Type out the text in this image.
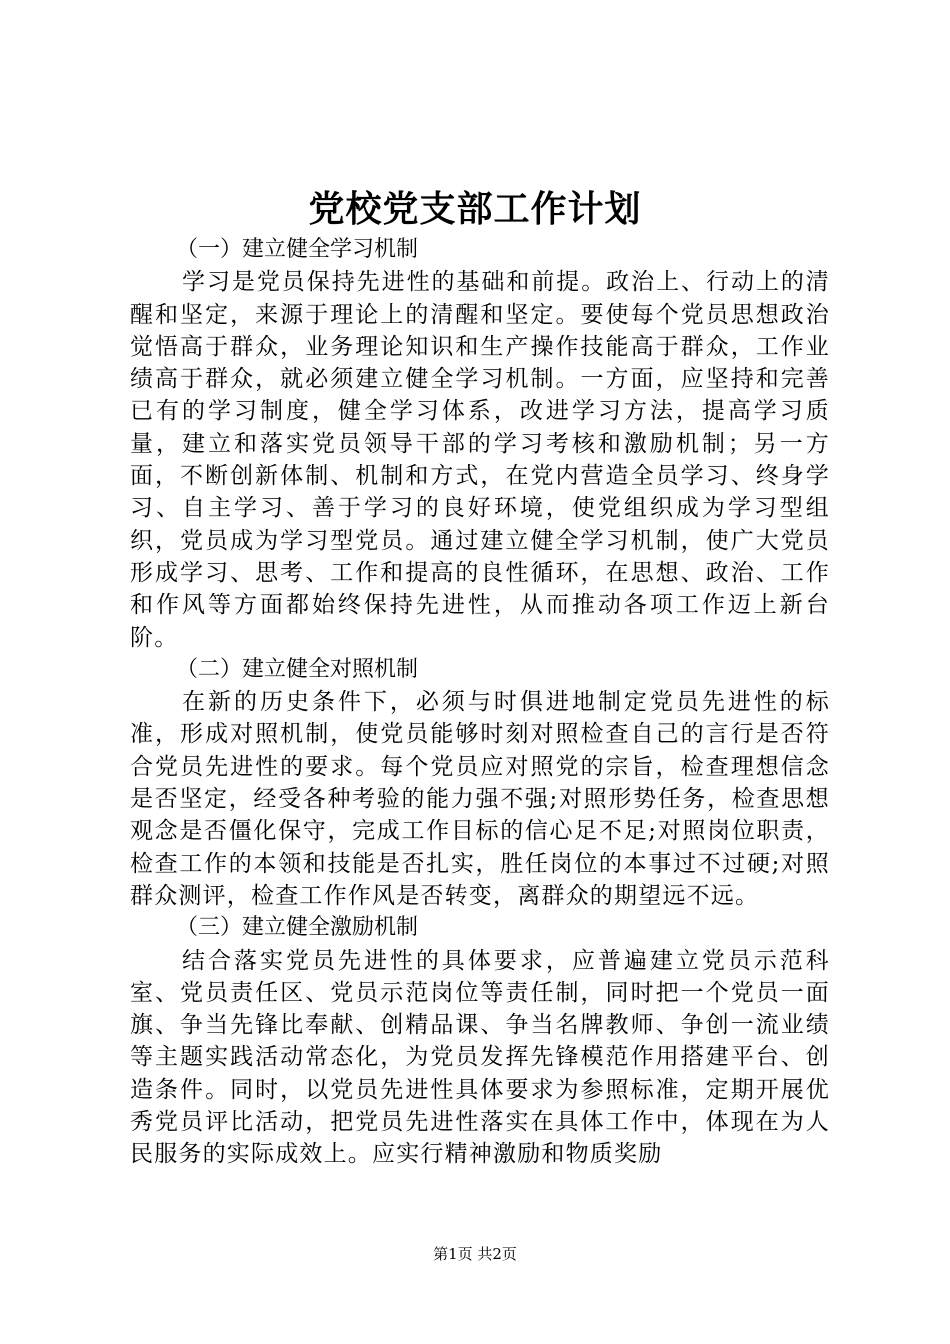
党校党支部工作计划

（一）建立健全学习机制

学习是党员保持先进性的基础和前提。政治上、行动上的清醒和坚定，来源于理论上的清醒和坚定。要使每个党员思想政治觉悟高于群众，业务理论知识和生产操作技能高于群众，工作业绩高于群众，就必须建立健全学习机制。一方面，应坚持和完善已有的学习制度，健全学习体系，改进学习方法，提高学习质量，建立和落实党员领导干部的学习考核和激励机制；另一方面，不断创新体制、机制和方式，在党内营造全员学习、终身学习、自主学习、善于学习的良好环境，使党组织成为学习型组织，党员成为学习型党员。通过建立健全学习机制，使广大党员形成学习、思考、工作和提高的良性循环，在思想、政治、工作和作风等方面都始终保持先进性，从而推动各项工作迈上新台阶。

（二）建立健全对照机制

在新的历史条件下，必须与时俱进地制定党员先进性的标准，形成对照机制，使党员能够时刻对照检查自己的言行是否符合党员先进性的要求。每个党员应对照党的宗旨，检查理想信念是否坚定，经受各种考验的能力强不强;对照形势任务，检查思想观念是否僵化保守，完成工作目标的信心足不足;对照岗位职责，检查工作的本领和技能是否扎实，胜任岗位的本事过不过硬;对照群众测评，检查工作作风是否转变，离群众的期望远不远。

（三）建立健全激励机制

结合落实党员先进性的具体要求，应普遍建立党员示范科室、党员责任区、党员示范岗位等责任制，同时把一个党员一面旗、争当先锋比奉献、创精品课、争当名牌教师、争创一流业绩等主题实践活动常态化，为党员发挥先锋模范作用搭建平台、创造条件。同时，以党员先进性具体要求为参照标准，定期开展优秀党员评比活动，把党员先进性落实在具体工作中，体现在为人民服务的实际成效上。应实行精神激励和物质奖励

第1页 共2页
